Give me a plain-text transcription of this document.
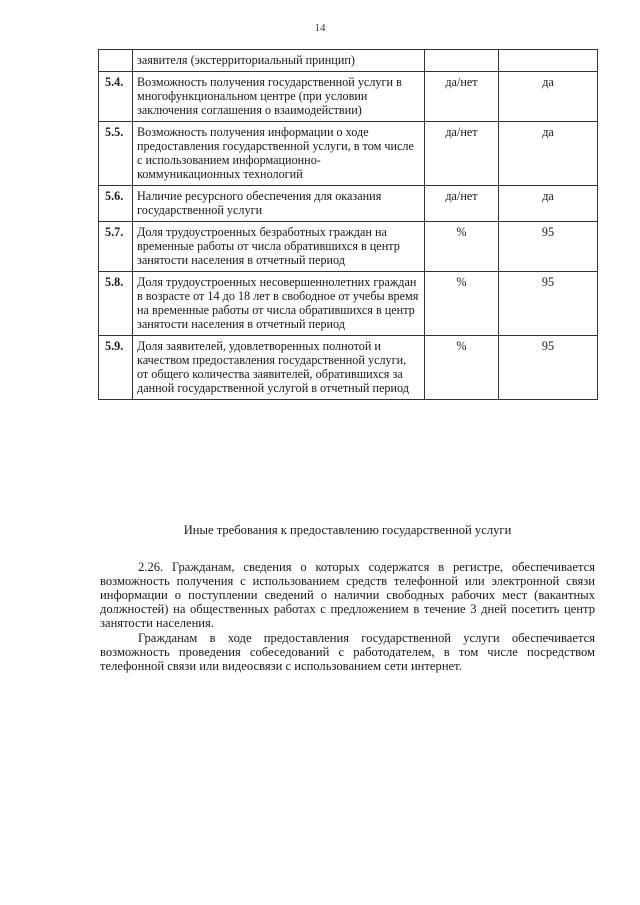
14
	заявителя (экстерриториальный принцип)		
5.4.	Возможность получения государственной услуги в многофункциональном центре (при условии заключения соглашения о взаимодействии)	да/нет	да
5.5.	Возможность получения информации о ходе предоставления государственной услуги, в том числе с использованием информационно-коммуникационных технологий	да/нет	да
5.6.	Наличие ресурсного обеспечения для оказания государственной услуги	да/нет	да
5.7.	Доля трудоустроенных безработных граждан на временные работы от числа обратившихся в центр занятости населения в отчетный период	%	95
5.8.	Доля трудоустроенных несовершеннолетних граждан в возрасте от 14 до 18 лет в свободное от учебы время на временные работы от числа обратившихся в центр занятости населения в отчетный период	%	95
5.9.	Доля заявителей, удовлетворенных полнотой и качеством предоставления государственной услуги, от общего количества заявителей, обратившихся за данной государственной услугой в отчетный период	%	95
Иные требования к предоставлению государственной услуги

2.26. Гражданам, сведения о которых содержатся в регистре, обеспечивается возможность получения с использованием средств телефонной или электронной связи информации о поступлении сведений о наличии свободных рабочих мест (вакантных должностей) на общественных работах с предложением в течение 3 дней посетить центр занятости населения.

Гражданам в ходе предоставления государственной услуги обеспечивается возможность проведения собеседований с работодателем, в том числе посредством телефонной связи или видеосвязи с использованием сети интернет.
